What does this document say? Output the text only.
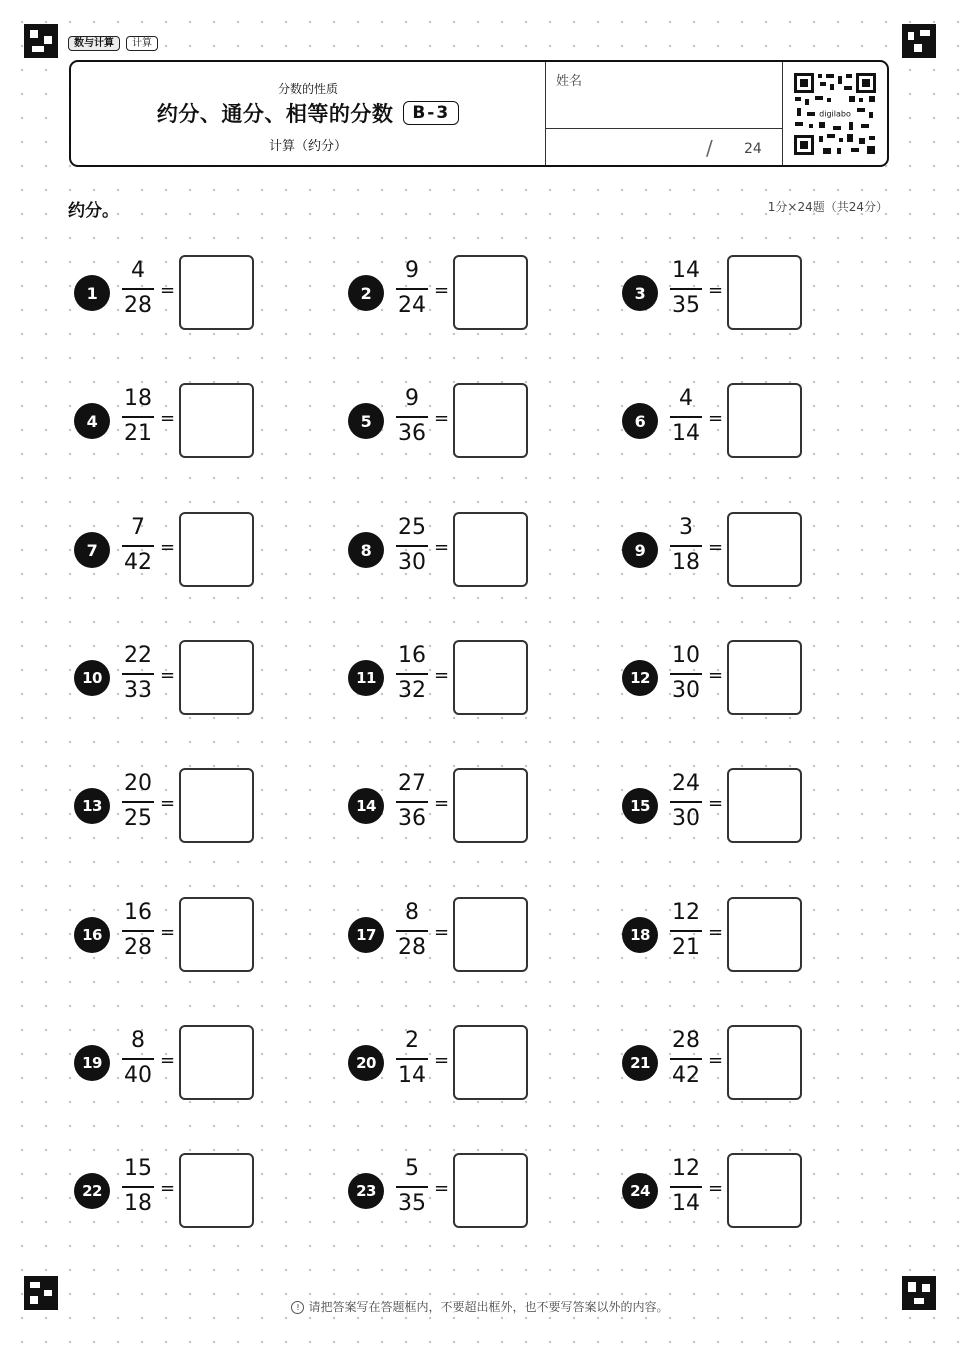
数与计算	计算
分数的性质
约分、通分、相等的分数	B-3
计算（约分）
姓名
/ 24
digilabo
约分。	1分×24题（共24分）
1
4
28
=	2
9
24
=	3
14
35
=
4
18
21
=	5
9
36
=	6
4
14
=
7
7
42
=	8
25
30
=	9
3
18
=
10
22
33
=	11
16
32
=	12
10
30
=
13
20
25
=	14
27
36
=	15
24
30
=
16
16
28
=	17
8
28
=	18
12
21
=
19
8
40
=	20
2
14
=	21
28
42
=
22
15
18
=	23
5
35
=	24
12
14
=
! 请把答案写在答题框内，不要超出框外，也不要写答案以外的内容。
